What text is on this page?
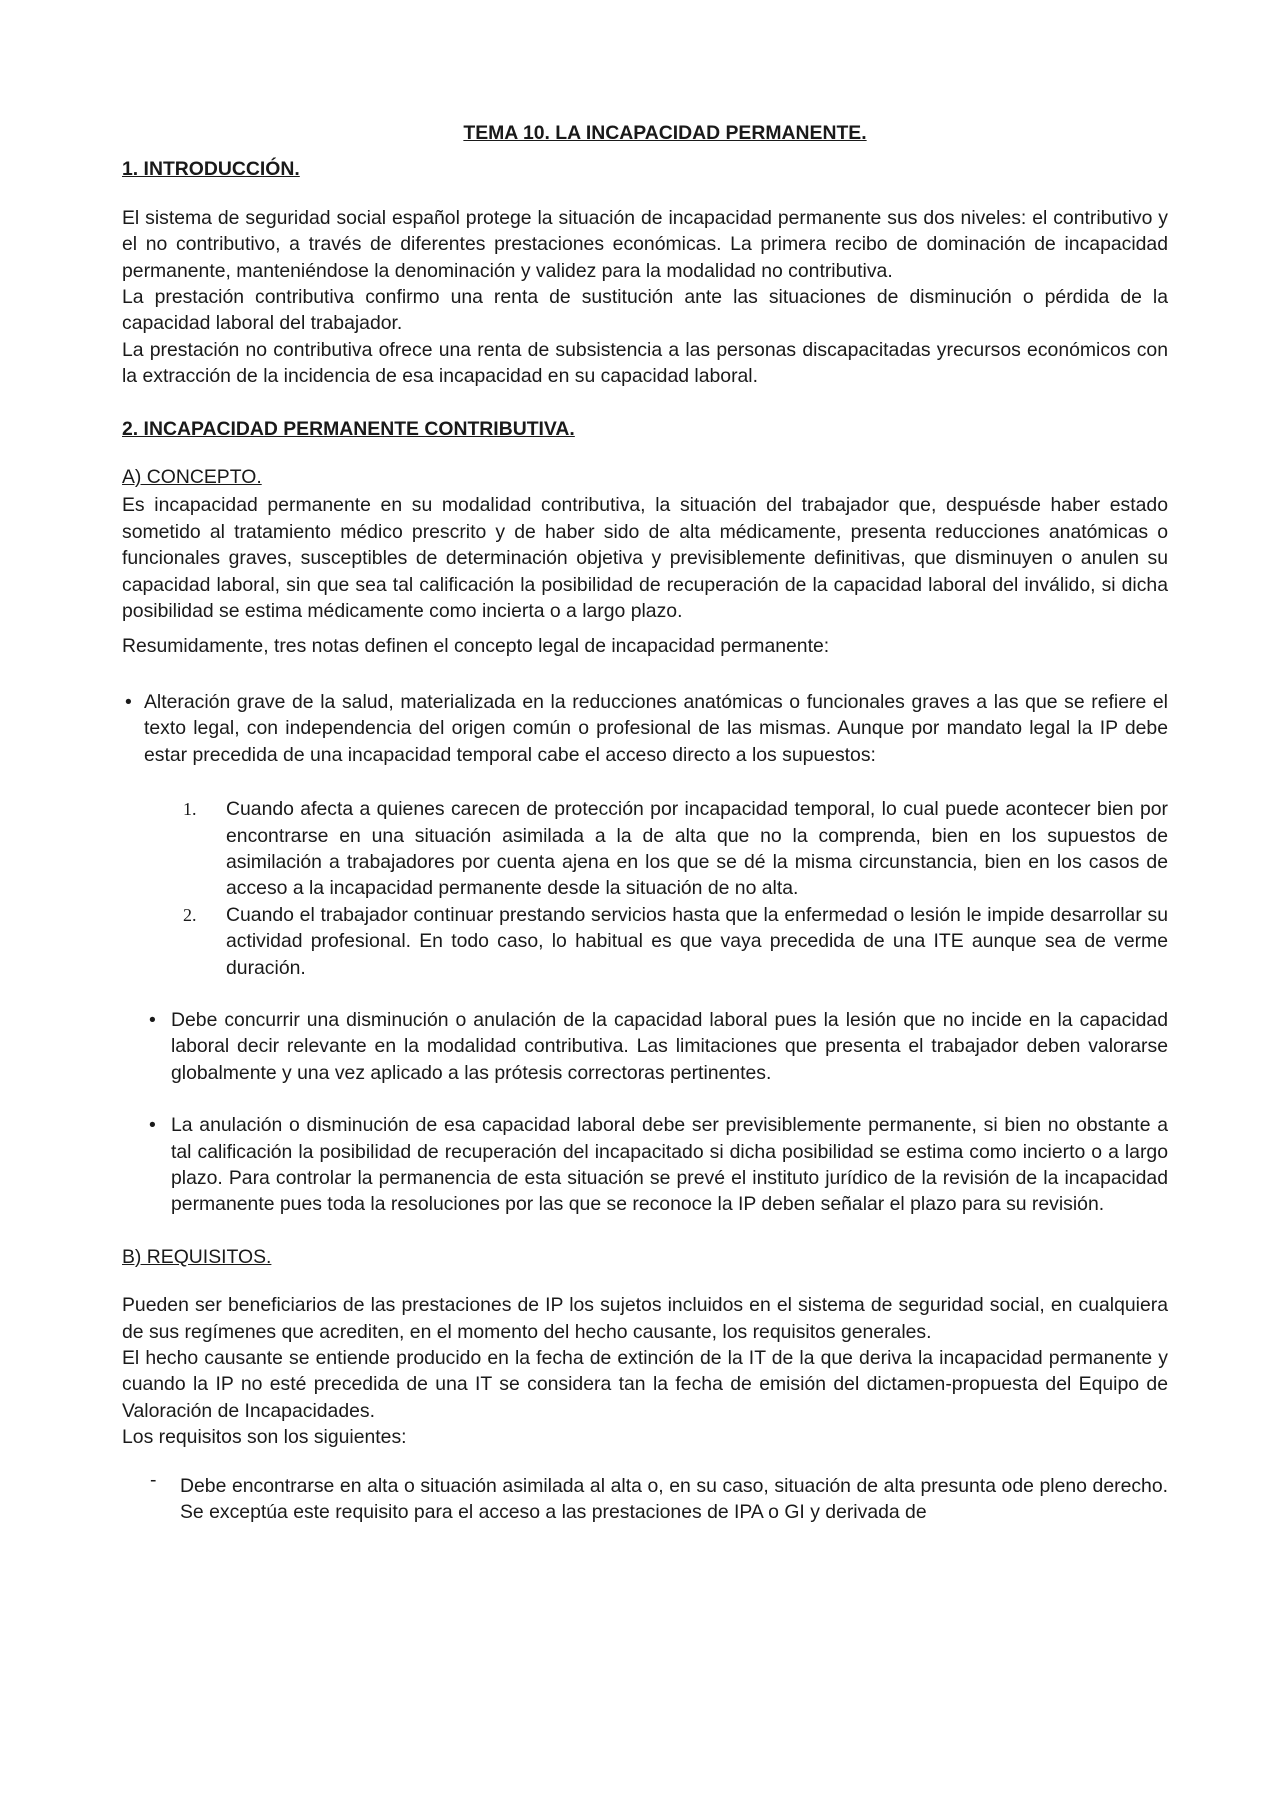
TEMA 10. LA INCAPACIDAD PERMANENTE.
1. INTRODUCCIÓN.

El sistema de seguridad social español protege la situación de incapacidad permanente sus dos niveles: el contributivo y el no contributivo, a través de diferentes prestaciones económicas. La primera recibo de dominación de incapacidad permanente, manteniéndose la denominación y validez para la modalidad no contributiva.

La prestación contributiva confirmo una renta de sustitución ante las situaciones de disminución o pérdida de la capacidad laboral del trabajador.

La prestación no contributiva ofrece una renta de subsistencia a las personas discapacitadas yrecursos económicos con la extracción de la incidencia de esa incapacidad en su capacidad laboral.

2. INCAPACIDAD PERMANENTE CONTRIBUTIVA.
A) CONCEPTO.

Es incapacidad permanente en su modalidad contributiva, la situación del trabajador que, despuésde haber estado sometido al tratamiento médico prescrito y de haber sido de alta médicamente, presenta reducciones anatómicas o funcionales graves, susceptibles de determinación objetiva y previsiblemente definitivas, que disminuyen o anulen su capacidad laboral, sin que sea tal calificación la posibilidad de recuperación de la capacidad laboral del inválido, si dicha posibilidad se estima médicamente como incierta o a largo plazo.

Resumidamente, tres notas definen el concepto legal de incapacidad permanente:

• Alteración grave de la salud, materializada en la reducciones anatómicas o funcionales graves a las que se refiere el texto legal, con independencia del origen común o profesional de las mismas. Aunque por mandato legal la IP debe estar precedida de una incapacidad temporal cabe el acceso directo a los supuestos:
1. Cuando afecta a quienes carecen de protección por incapacidad temporal, lo cual puede acontecer bien por encontrarse en una situación asimilada a la de alta que no la comprenda, bien en los supuestos de asimilación a trabajadores por cuenta ajena en los que se dé la misma circunstancia, bien en los casos de acceso a la incapacidad permanente desde la situación de no alta.
2. Cuando el trabajador continuar prestando servicios hasta que la enfermedad o lesión le impide desarrollar su actividad profesional. En todo caso, lo habitual es que vaya precedida de una ITE aunque sea de verme duración.
• Debe concurrir una disminución o anulación de la capacidad laboral pues la lesión que no incide en la capacidad laboral decir relevante en la modalidad contributiva. Las limitaciones que presenta el trabajador deben valorarse globalmente y una vez aplicado a las prótesis correctoras pertinentes.
• La anulación o disminución de esa capacidad laboral debe ser previsiblemente permanente, si bien no obstante a tal calificación la posibilidad de recuperación del incapacitado si dicha posibilidad se estima como incierto o a largo plazo. Para controlar la permanencia de esta situación se prevé el instituto jurídico de la revisión de la incapacidad permanente pues toda la resoluciones por las que se reconoce la IP deben señalar el plazo para su revisión.
B) REQUISITOS.

Pueden ser beneficiarios de las prestaciones de IP los sujetos incluidos en el sistema de seguridad social, en cualquiera de sus regímenes que acrediten, en el momento del hecho causante, los requisitos generales.

El hecho causante se entiende producido en la fecha de extinción de la IT de la que deriva la incapacidad permanente y cuando la IP no esté precedida de una IT se considera tan la fecha de emisión del dictamen-propuesta del Equipo de Valoración de Incapacidades.

Los requisitos son los siguientes:

- Debe encontrarse en alta o situación asimilada al alta o, en su caso, situación de alta presunta ode pleno derecho. Se exceptúa este requisito para el acceso a las prestaciones de IPA o GI y derivada de
